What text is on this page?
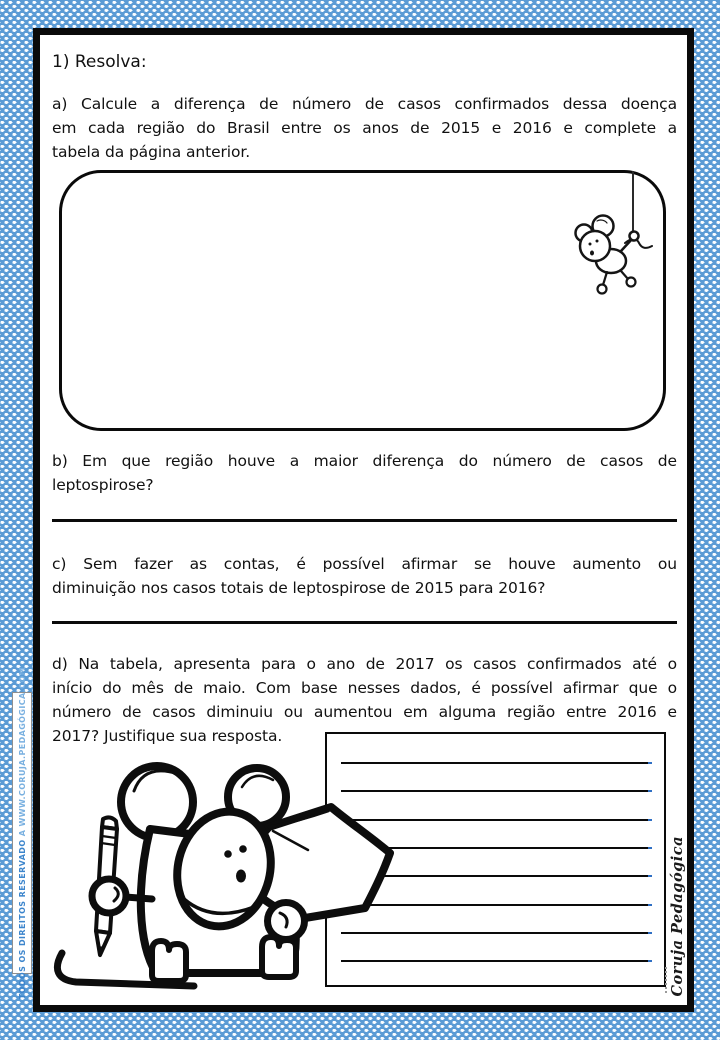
TODOS OS DIREITOS RESERVADO A WWW.CORUJA.PEDAGÓGICA.COM
1) Resolva:
a) Calcule a diferença de número de casos confirmados dessa doença
em cada região do Brasil entre os anos de 2015 e 2016 e complete a
tabela da página anterior.
b) Em que região houve a maior diferença do número de casos de
leptospirose?
c) Sem fazer as contas, é possível afirmar se houve aumento ou
diminuição nos casos totais de leptospirose de 2015 para 2016?
d) Na tabela, apresenta para o ano de 2017 os casos confirmados até o
início do mês de maio. Com base nesses dados, é possível afirmar que o
número de casos diminuiu ou aumentou em alguma região entre 2016 e
2017? Justifique sua resposta.
Coruja Pedagógica
